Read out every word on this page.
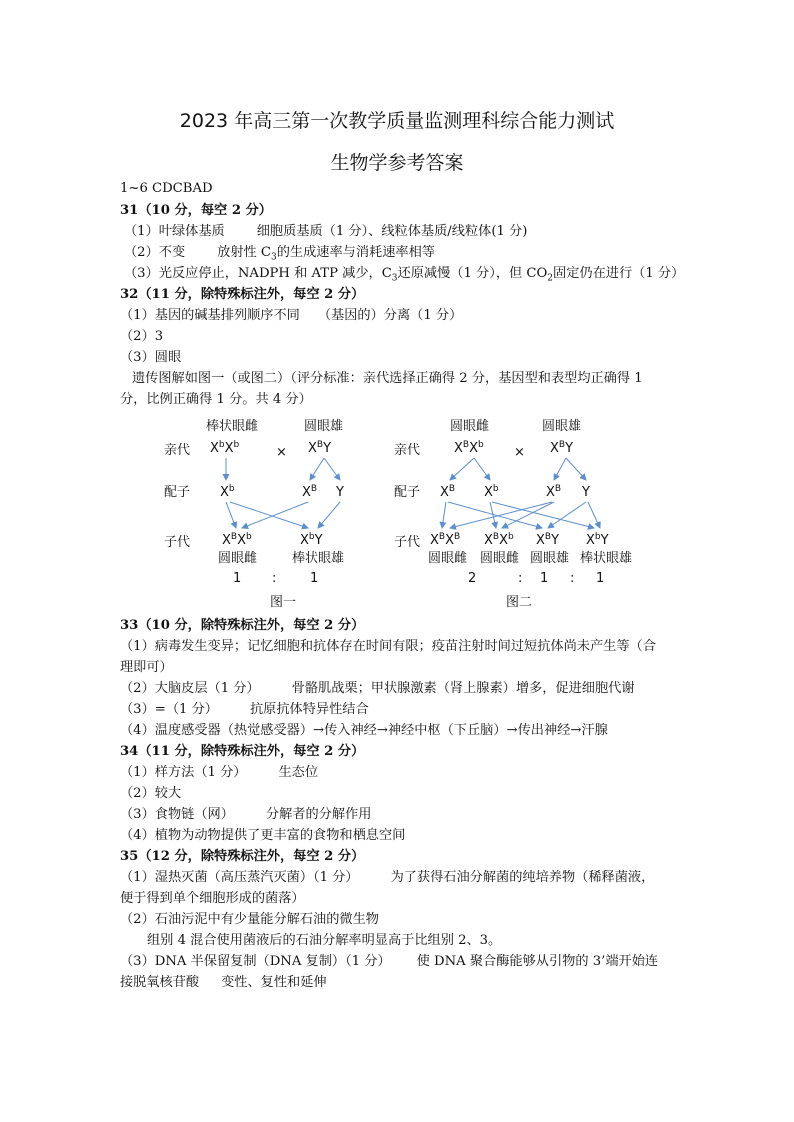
2023 年高三第一次教学质量监测理科综合能力测试
生物学参考答案
1~6 CDCBAD
31（10 分，每空 2 分）
（1）叶绿体基质 细胞质基质（1 分）、线粒体基质/线粒体(1 分)
（2）不变 放射性 $C_3$的生成速率与消耗速率相等
（3）光反应停止，NADPH 和 ATP 减少，$C_3$还原减慢（1 分），但 $CO_2$固定仍在进行（1 分）
32（11 分，除特殊标注外，每空 2 分）
（1）基因的碱基排列顺序不同 （基因的）分离（1 分）
（2）3
（3）圆眼
遗传图解如图一（或图二）（评分标准：亲代选择正确得 2 分，基因型和表型均正确得 1
分，比例正确得 1 分。共 4 分）
棒状眼雌	圆眼雄
亲代 $X^bX^b$	× $X^BY$
配子 $X^b$	$X^B$ Y
子代 $X^BX^b$	$X^bY$
圆眼雌	棒状眼雄
1 :	1
图一
圆眼雌	圆眼雄
亲代	$X^BX^b \times X^BY$
配子 $X^B$ $X^b$	$X^B$ Y
子代 $X^BX^B$ $X^BX^b$ $X^BY$ $X^bY$
圆眼雌 圆眼雌 圆眼雄 棒状眼雄
2	: 1 : 1
图二
33（10 分，除特殊标注外，每空 2 分）
（1）病毒发生变异；记忆细胞和抗体存在时间有限；疫苗注射时间过短抗体尚未产生等（合
理即可）
（2）大脑皮层（1 分） 骨骼肌战栗；甲状腺激素（肾上腺素）增多，促进细胞代谢
（3）=（1 分） 抗原抗体特异性结合
（4）温度感受器（热觉感受器）→传入神经→神经中枢（下丘脑）→传出神经→汗腺
34（11 分，除特殊标注外，每空 2 分）
（1）样方法（1 分） 生态位
（2）较大
（3）食物链（网） 分解者的分解作用
（4）植物为动物提供了更丰富的食物和栖息空间
35（12 分，除特殊标注外，每空 2 分）
（1）湿热灭菌（高压蒸汽灭菌）（1 分） 为了获得石油分解菌的纯培养物（稀释菌液，
便于得到单个细胞形成的菌落）
（2）石油污泥中有少量能分解石油的微生物
组别 4 混合使用菌液后的石油分解率明显高于比组别 2、3。
（3）DNA 半保留复制（DNA 复制）（1 分） 使 DNA 聚合酶能够从引物的 3’端开始连
接脱氧核苷酸 变性、复性和延伸
